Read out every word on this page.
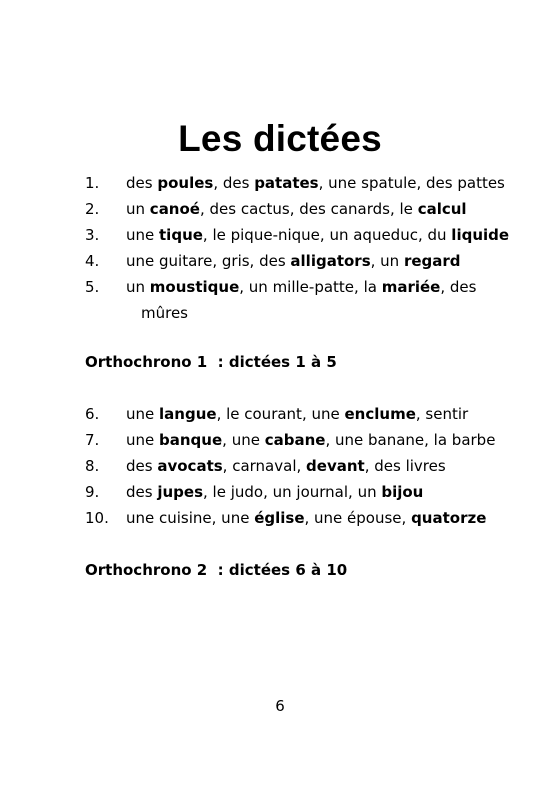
Les dictées
1.	des poules, des patates, une spatule, des pattes
2.	un canoé, des cactus, des canards, le calcul
3.	une tique, le pique-nique, un aqueduc, du liquide
4.	une guitare, gris, des alligators, un regard
5.	un moustique, un mille-patte, la mariée, des
mûres
Orthochrono 1  : dictées 1 à 5
6.	une langue, le courant, une enclume, sentir
7.	une banque, une cabane, une banane, la barbe
8.	des avocats, carnaval, devant, des livres
9.	des jupes, le judo, un journal, un bijou
10.	une cuisine, une église, une épouse, quatorze
Orthochrono 2  : dictées 6 à 10
6
